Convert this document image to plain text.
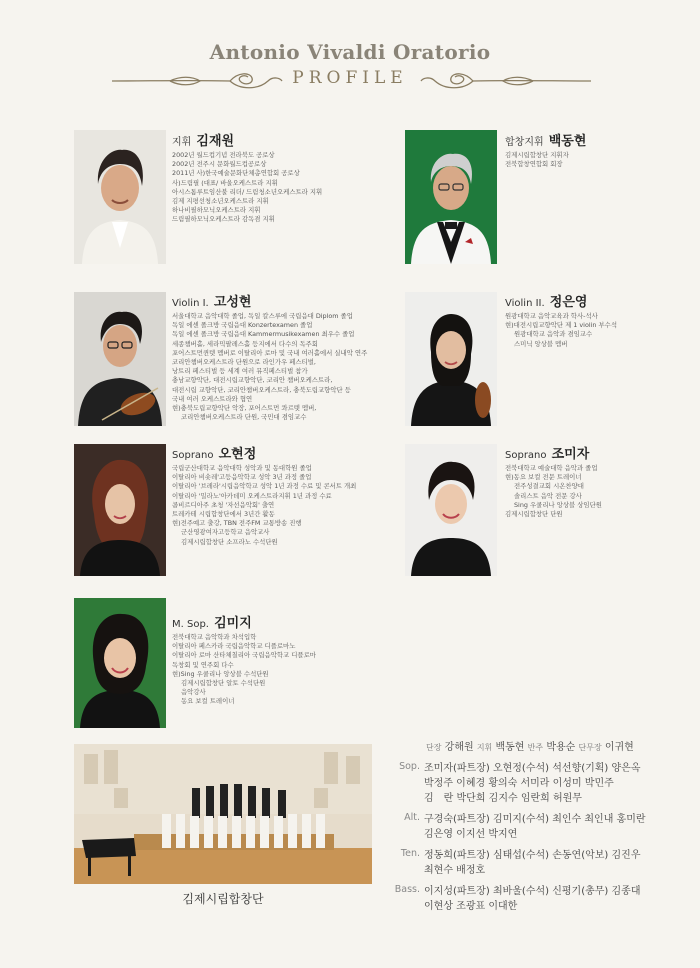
Antonio Vivaldi Oratorio
PROFILE
지휘 김재원
2002년 월드컵기념 전라북도 공로상
2002년 전주시 문화월드컵공로상
2011년 사)한국예술문화단체총연합회 공로상
사)드림필 (대표/ 바울오케스트라 지휘
아시스톰루트임산불 리더/ 드림청소년오케스트라 지휘
김제 지평선청소년오케스트라 지휘
하나비필하모닉오케스트라 지휘
드림필하모닉오케스트라 감독겸 지휘
합창지휘 백동현
김제시립합창단 지휘자
전북합창연합회 회장
Violin I. 고성현
서울대학교 음악대학 졸업, 독일 칼스루에 국립음대 Diplom 졸업
독일 에센 폴크방 국립음대 Konzertexamen 졸업
독일 에센 폴크방 국립음대 Kammermusikexamen 최우수 졸업
세종챔버홀, 세라믹팔레스홀 등지에서 다수의 독주회
포어스트먼퀸텟 멤버로 이탈리아 로마 및 국내 여러홀에서 실내악 연주
코리안챔버오케스트라 단원으로 라인가우 페스티벌,
낭트리 페스티벌 등 세계 여러 뮤직페스티벌 참가
충남교향악단, 대전시립교향악단, 코리안 챔버오케스트라,
대전시립 교향악단, 코리안챔버오케스트라, 충북도립교향악단 등
국내 여러 오케스트라와 협연
현)충북도립교향악단 악장, 포어스트먼 콰르텟 멤버,
코리안챔버오케스트라 단원, 국민대 겸임교수
Violin II. 정은영
원광대학교 음악교육과 학사-석사
현)대전시립교향악단 제 1 violin 부수석
원광대학교 음악과 겸임교수
스미닉 앙상블 멤버
Soprano 오현정
국립군산대학교 음악대학 성악과 및 동대학원 졸업
이탈리아 비숏레'고등음악학교 성악 3년 과정 졸업
이탈리아 '브레라'시립음악학교 성악 1년 과정 수료 및 콘서트 개최
이탈리아 '밀라노'아카데미 오케스트라지휘 1년 과정 수료
콤비르디아주 초청 '자선음악회' 출연
트레카테 시립합창단에서 3년간 활동
현)전주예고 출강, TBN 전주FM 교통방송 진행
군산영광여자고등학교 음악교사
김제시립합창단 소프라노 수석단원
Soprano 조미자
전북대학교 예술대학 음악과 졸업
현)동요 보컬 전문 트레이너
전주성결교회 시온찬양대
솔리스트 음악 전문 강사
Sing 우쿨리나 앙상블 상임단원
김제시립합창단 단원
M. Sop. 김미지
전북대학교 음악학과 차석입학
이탈리아 페스카라 국립음악학교 디플로마노
이탈리아 로마 산타체칠리아 국립음악학교 디플로마
독창회 및 연주회 다수
현)Sing 우쿨리나 앙상블 수석단원
김제시립합창단 알토 수석단원
음악강사
동요 보컬 트레이너
김제시립합창단
단장 강해원 지휘 백동현 반주 박용순 단무장 이귀현
Sop. 조미자(파트장) 오현정(수석) 석선향(기획) 양은옥
박정주 이혜경 황의숙 서미라 이성미 박민주
김　란 박단희 김지수 임란희 허원무
Alt. 구경숙(파트장) 김미지(수석) 최인수 최인내 홍미란
김은영 이지선 박지연
Ten. 정동희(파트장) 심태섭(수석) 손동연(악보) 김진우
최현수 배정호
Bass. 이지성(파트장) 최바울(수석) 신평기(총무) 김종대
이현상 조광표 이대한
